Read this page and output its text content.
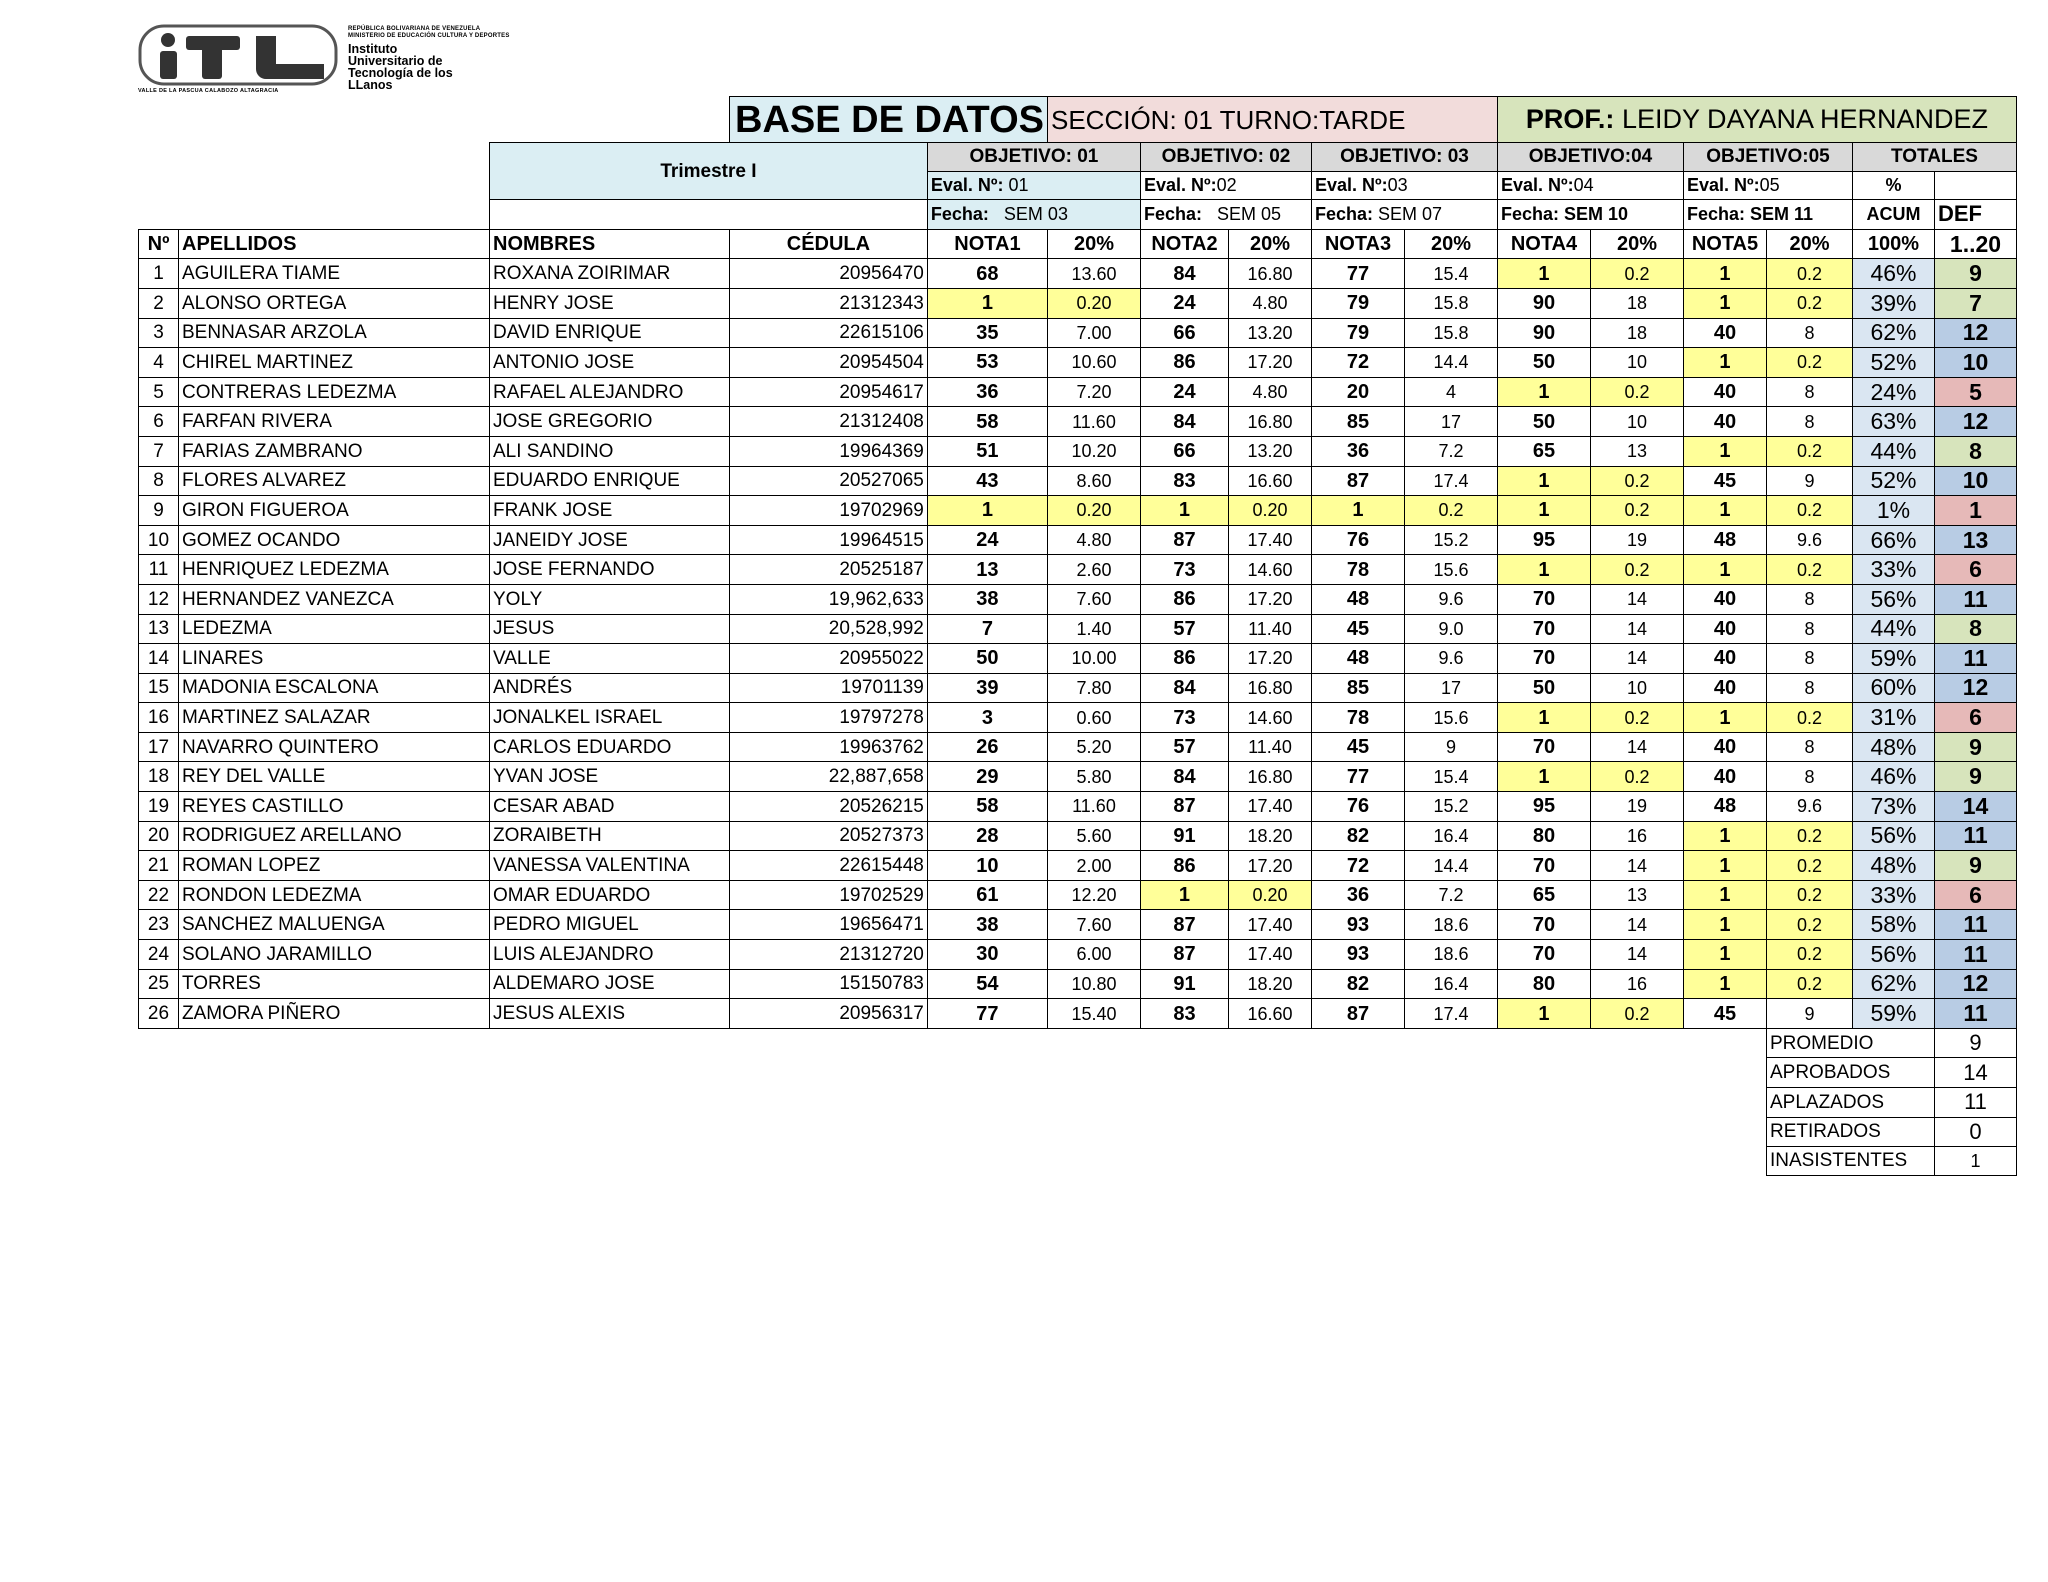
REPÚBLICA BOLIVARIANA DE VENEZUELA
MINISTERIO DE EDUCACIÓN CULTURA Y DEPORTES
Instituto
Universitario de
Tecnología de los
LLanos
VALLE DE LA PASCUA CALABOZO ALTAGRACIA
			BASE DE DATOS		SECCIÓN: 01 TURNO:TARDE					PROF.: LEIDY DAYANA HERNANDEZ					
		Trimestre I		OBJETIVO: 01		OBJETIVO: 02		OBJETIVO: 03		OBJETIVO:04		OBJETIVO:05		TOTALES	
				Eval. Nº: 01		Eval. Nº:02		Eval. Nº:03		Eval. Nº:04		Eval. Nº:05		%	
				Fecha: SEM 03		Fecha: SEM 05		Fecha: SEM 07		Fecha: SEM 10		Fecha: SEM 11		ACUM	DEF
Nº	APELLIDOS	NOMBRES	CÉDULA	NOTA1	20%	NOTA2	20%	NOTA3	20%	NOTA4	20%	NOTA5	20%	100%	1..20
1	AGUILERA TIAME	ROXANA ZOIRIMAR	20956470	68	13.60	84	16.80	77	15.4	1	0.2	1	0.2	46%	9
2	ALONSO ORTEGA	HENRY JOSE	21312343	1	0.20	24	4.80	79	15.8	90	18	1	0.2	39%	7
3	BENNASAR ARZOLA	DAVID ENRIQUE	22615106	35	7.00	66	13.20	79	15.8	90	18	40	8	62%	12
4	CHIREL MARTINEZ	ANTONIO JOSE	20954504	53	10.60	86	17.20	72	14.4	50	10	1	0.2	52%	10
5	CONTRERAS LEDEZMA	RAFAEL ALEJANDRO	20954617	36	7.20	24	4.80	20	4	1	0.2	40	8	24%	5
6	FARFAN RIVERA	JOSE GREGORIO	21312408	58	11.60	84	16.80	85	17	50	10	40	8	63%	12
7	FARIAS ZAMBRANO	ALI SANDINO	19964369	51	10.20	66	13.20	36	7.2	65	13	1	0.2	44%	8
8	FLORES ALVAREZ	EDUARDO ENRIQUE	20527065	43	8.60	83	16.60	87	17.4	1	0.2	45	9	52%	10
9	GIRON FIGUEROA	FRANK JOSE	19702969	1	0.20	1	0.20	1	0.2	1	0.2	1	0.2	1%	1
10	GOMEZ OCANDO	JANEIDY JOSE	19964515	24	4.80	87	17.40	76	15.2	95	19	48	9.6	66%	13
11	HENRIQUEZ LEDEZMA	JOSE FERNANDO	20525187	13	2.60	73	14.60	78	15.6	1	0.2	1	0.2	33%	6
12	HERNANDEZ VANEZCA	YOLY	19,962,633	38	7.60	86	17.20	48	9.6	70	14	40	8	56%	11
13	LEDEZMA	JESUS	20,528,992	7	1.40	57	11.40	45	9.0	70	14	40	8	44%	8
14	LINARES	VALLE	20955022	50	10.00	86	17.20	48	9.6	70	14	40	8	59%	11
15	MADONIA ESCALONA	ANDRÉS	19701139	39	7.80	84	16.80	85	17	50	10	40	8	60%	12
16	MARTINEZ SALAZAR	JONALKEL ISRAEL	19797278	3	0.60	73	14.60	78	15.6	1	0.2	1	0.2	31%	6
17	NAVARRO QUINTERO	CARLOS EDUARDO	19963762	26	5.20	57	11.40	45	9	70	14	40	8	48%	9
18	REY DEL VALLE	YVAN JOSE	22,887,658	29	5.80	84	16.80	77	15.4	1	0.2	40	8	46%	9
19	REYES CASTILLO	CESAR ABAD	20526215	58	11.60	87	17.40	76	15.2	95	19	48	9.6	73%	14
20	RODRIGUEZ ARELLANO	ZORAIBETH	20527373	28	5.60	91	18.20	82	16.4	80	16	1	0.2	56%	11
21	ROMAN LOPEZ	VANESSA VALENTINA	22615448	10	2.00	86	17.20	72	14.4	70	14	1	0.2	48%	9
22	RONDON LEDEZMA	OMAR EDUARDO	19702529	61	12.20	1	0.20	36	7.2	65	13	1	0.2	33%	6
23	SANCHEZ MALUENGA	PEDRO MIGUEL	19656471	38	7.60	87	17.40	93	18.6	70	14	1	0.2	58%	11
24	SOLANO JARAMILLO	LUIS ALEJANDRO	21312720	30	6.00	87	17.40	93	18.6	70	14	1	0.2	56%	11
25	TORRES	ALDEMARO JOSE	15150783	54	10.80	91	18.20	82	16.4	80	16	1	0.2	62%	12
26	ZAMORA PIÑERO	JESUS ALEXIS	20956317	77	15.40	83	16.60	87	17.4	1	0.2	45	9	59%	11
													PROMEDIO		9
													APROBADOS		14
													APLAZADOS		11
													RETIRADOS		0
													INASISTENTES		1
